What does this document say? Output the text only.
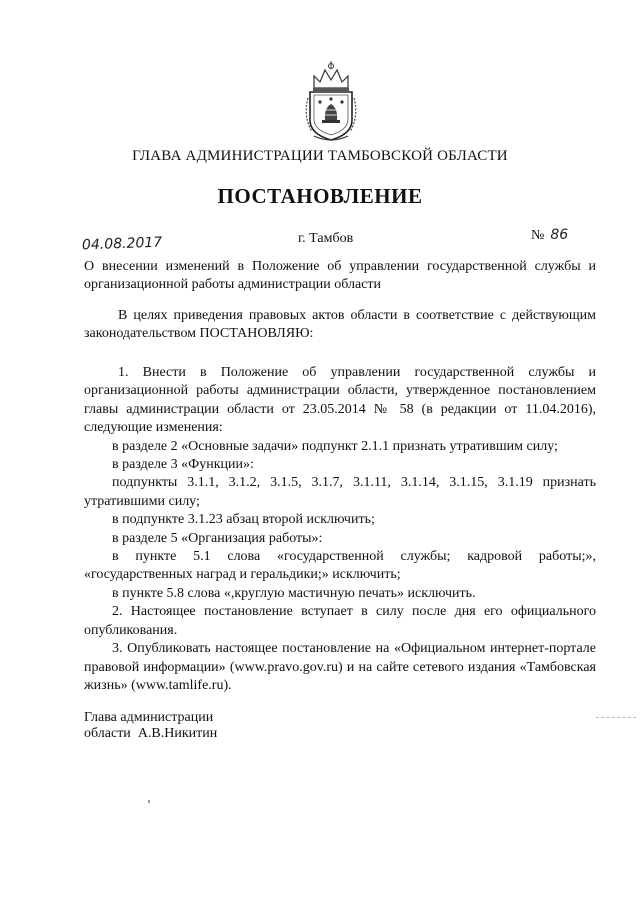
ГЛАВА АДМИНИСТРАЦИИ ТАМБОВСКОЙ ОБЛАСТИ
ПОСТАНОВЛЕНИЕ
04.08.2017	г. Тамбов	№ 86

О внесении изменений в Положение об управлении государственной службы и организационной работы администрации области

В целях приведения правовых актов области в соответствие с действующим законодательством ПОСТАНОВЛЯЮ:

1. Внести в Положение об управлении государственной службы и организационной работы администрации области, утвержденное постановлением главы администрации области от 23.05.2014 № 58 (в редакции от 11.04.2016), следующие изменения:

в разделе 2 «Основные задачи» подпункт 2.1.1 признать утратившим силу;

в разделе 3 «Функции»:

подпункты 3.1.1, 3.1.2, 3.1.5, 3.1.7, 3.1.11, 3.1.14, 3.1.15, 3.1.19 признать утратившими силу;

в подпункте 3.1.23 абзац второй исключить;

в разделе 5 «Организация работы»:

в пункте 5.1 слова «государственной службы; кадровой работы;», «государственных наград и геральдики;» исключить;

в пункте 5.8 слова «,круглую мастичную печать» исключить.

2. Настоящее постановление вступает в силу после дня его официального опубликования.

3. Опубликовать настоящее постановление на «Официальном интернет-портале правовой информации» (www.pravo.gov.ru) и на сайте сетевого издания «Тамбовская жизнь» (www.tamlife.ru).

Глава администрации
области А.В.Никитин
